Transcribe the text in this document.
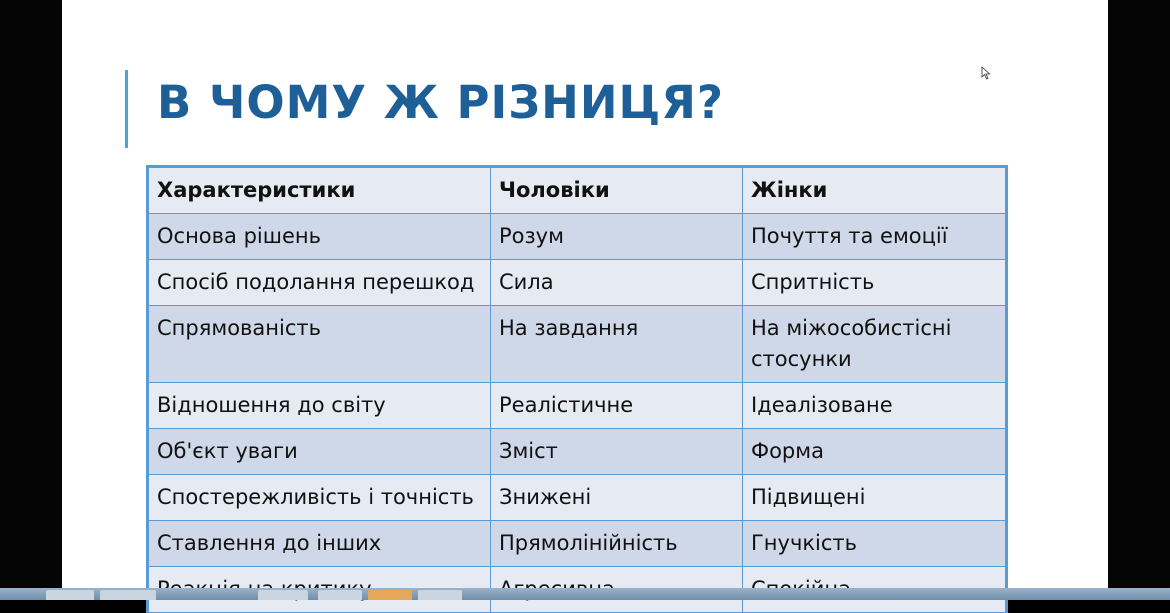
В ЧОМУ Ж РІЗНИЦЯ?
Характеристики	Чоловіки	Жінки
Основа рішень	Розум	Почуття та емоції
Спосіб подолання перешкод	Сила	Спритність
Спрямованість	На завдання	На міжособистісні стосунки
Відношення до світу	Реалістичне	Ідеалізоване
Об'єкт уваги	Зміст	Форма
Спостережливість і точність	Знижені	Підвищені
Ставлення до інших	Прямолінійність	Гнучкість
